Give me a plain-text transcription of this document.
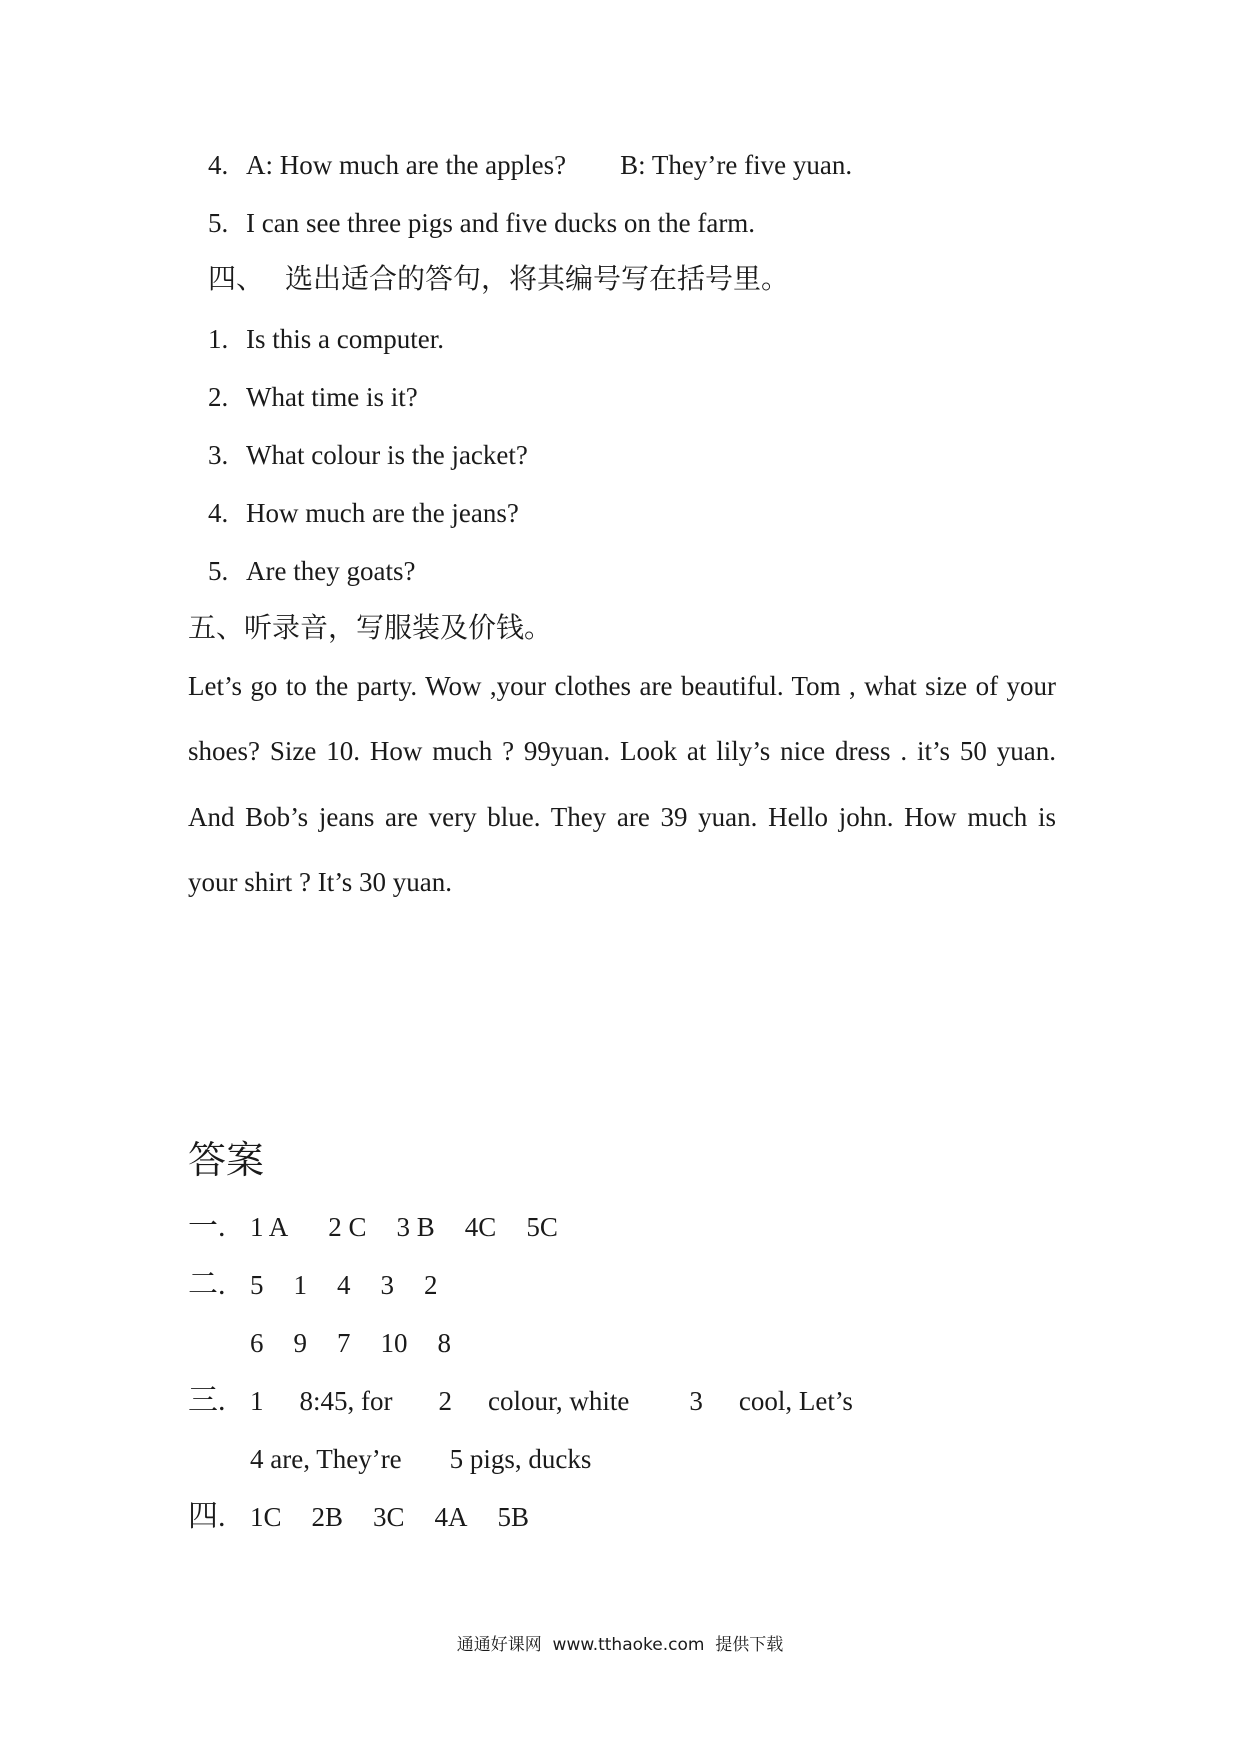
4. A: How much are the apples? B: They’re five yuan.

5. I can see three pigs and five ducks on the farm.

四、   选出适合的答句，将其编号写在括号里。

1. Is this a computer.

2. What time is it?

3. What colour is the jacket?

4. How much are the jeans?

5. Are they goats?

五、听录音，写服装及价钱。

Let’s go to the party. Wow ,your clothes are beautiful. Tom , what size of your shoes? Size 10. How much ? 99yuan. Look at lily’s nice dress . it’s 50 yuan. And Bob’s jeans are very blue. They are 39 yuan. Hello john. How much is your shirt ? It’s 30 yuan.

答案

一. 1 A 2 C 3 B 4C 5C

二. 5 1 4 3 2

6 9 7 10 8

三. 1 8:45, for 2 colour, white 3 cool, Let’s

4 are, They’re 5 pigs, ducks

四. 1C 2B 3C 4A 5B

通通好课网  www.tthaoke.com  提供下载
